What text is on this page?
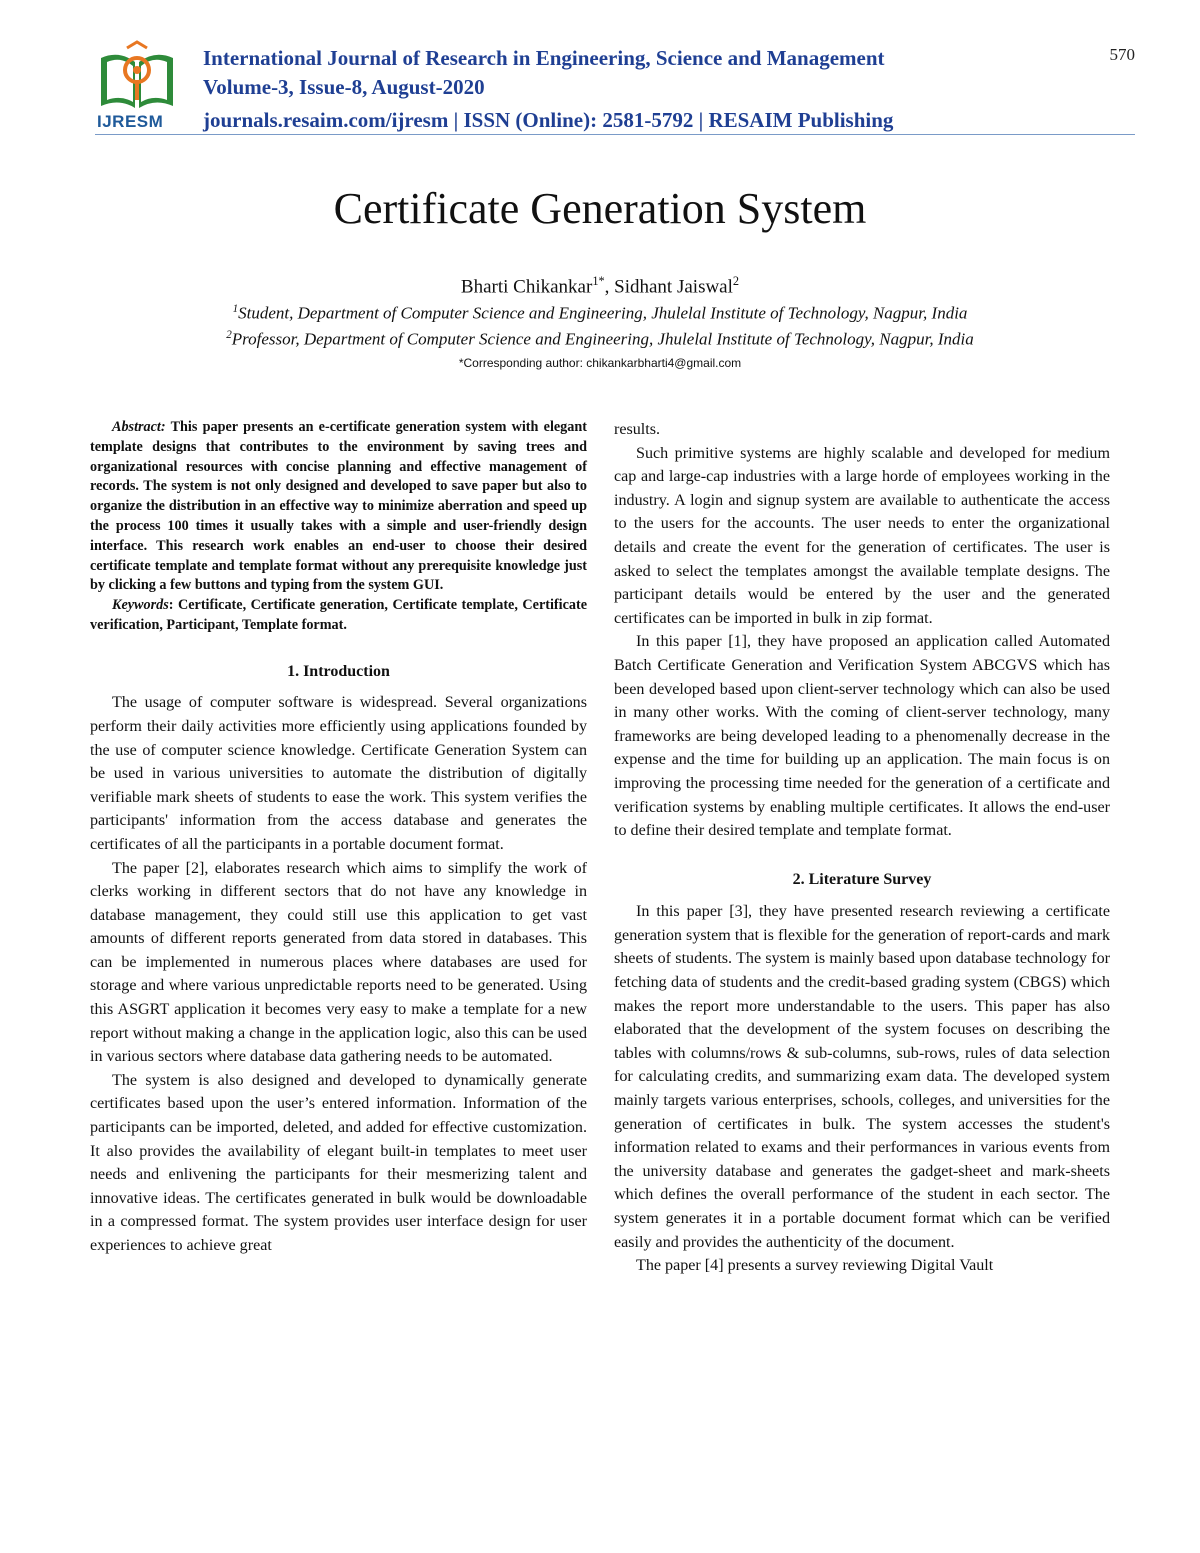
IJRESM
International Journal of Research in Engineering, Science and Management
Volume-3, Issue-8, August-2020
journals.resaim.com/ijresm | ISSN (Online): 2581-5792 | RESAIM Publishing
570
Certificate Generation System
Bharti Chikankar$^{1*}$, Sidhant Jaiswal$^2$
$^1$Student, Department of Computer Science and Engineering, Jhulelal Institute of Technology, Nagpur, India
$^2$Professor, Department of Computer Science and Engineering, Jhulelal Institute of Technology, Nagpur, India
*Corresponding author: chikankarbharti4@gmail.com

Abstract: This paper presents an e-certificate generation system with elegant template designs that contributes to the environment by saving trees and organizational resources with concise planning and effective management of records. The system is not only designed and developed to save paper but also to organize the distribution in an effective way to minimize aberration and speed up the process 100 times it usually takes with a simple and user-friendly design interface. This research work enables an end-user to choose their desired certificate template and template format without any prerequisite knowledge just by clicking a few buttons and typing from the system GUI.

Keywords: Certificate, Certificate generation, Certificate template, Certificate verification, Participant, Template format.

1. Introduction

The usage of computer software is widespread. Several organizations perform their daily activities more efficiently using applications founded by the use of computer science knowledge. Certificate Generation System can be used in various universities to automate the distribution of digitally verifiable mark sheets of students to ease the work. This system verifies the participants' information from the access database and generates the certificates of all the participants in a portable document format.

The paper [2], elaborates research which aims to simplify the work of clerks working in different sectors that do not have any knowledge in database management, they could still use this application to get vast amounts of different reports generated from data stored in databases. This can be implemented in numerous places where databases are used for storage and where various unpredictable reports need to be generated. Using this ASGRT application it becomes very easy to make a template for a new report without making a change in the application logic, also this can be used in various sectors where database data gathering needs to be automated.

The system is also designed and developed to dynamically generate certificates based upon the user’s entered information. Information of the participants can be imported, deleted, and added for effective customization. It also provides the availability of elegant built-in templates to meet user needs and enlivening the participants for their mesmerizing talent and innovative ideas. The certificates generated in bulk would be downloadable in a compressed format. The system provides user interface design for user experiences to achieve great

results.

Such primitive systems are highly scalable and developed for medium cap and large-cap industries with a large horde of employees working in the industry. A login and signup system are available to authenticate the access to the users for the accounts. The user needs to enter the organizational details and create the event for the generation of certificates. The user is asked to select the templates amongst the available template designs. The participant details would be entered by the user and the generated certificates can be imported in bulk in zip format.

In this paper [1], they have proposed an application called Automated Batch Certificate Generation and Verification System ABCGVS which has been developed based upon client-server technology which can also be used in many other works. With the coming of client-server technology, many frameworks are being developed leading to a phenomenally decrease in the expense and the time for building up an application. The main focus is on improving the processing time needed for the generation of a certificate and verification systems by enabling multiple certificates. It allows the end-user to define their desired template and template format.

2. Literature Survey

In this paper [3], they have presented research reviewing a certificate generation system that is flexible for the generation of report-cards and mark sheets of students. The system is mainly based upon database technology for fetching data of students and the credit-based grading system (CBGS) which makes the report more understandable to the users. This paper has also elaborated that the development of the system focuses on describing the tables with columns/rows & sub-columns, sub-rows, rules of data selection for calculating credits, and summarizing exam data. The developed system mainly targets various enterprises, schools, colleges, and universities for the generation of certificates in bulk. The system accesses the student's information related to exams and their performances in various events from the university database and generates the gadget-sheet and mark-sheets which defines the overall performance of the student in each sector. The system generates it in a portable document format which can be verified easily and provides the authenticity of the document.

The paper [4] presents a survey reviewing Digital Vault
